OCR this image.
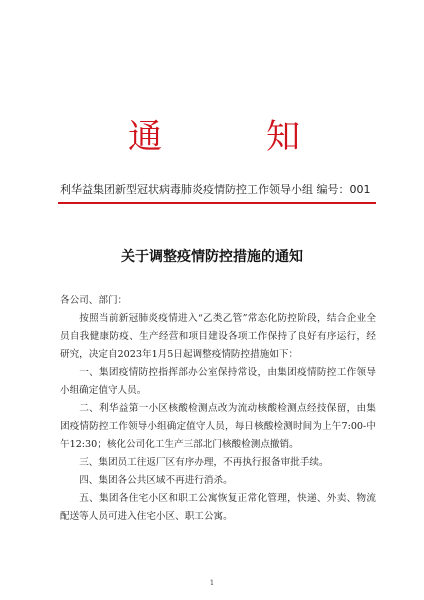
通	知
利华益集团新型冠状病毒肺炎疫情防控工作领导小组 编号：001
关于调整疫情防控措施的通知

各公司、部门：

按照当前新冠肺炎疫情进入“乙类乙管”常态化防控阶段，结合企业全员自我健康防疫、生产经营和项目建设各项工作保持了良好有序运行，经研究，决定自2023年1月5日起调整疫情防控措施如下：

一、集团疫情防控指挥部办公室保持常设，由集团疫情防控工作领导小组确定值守人员。

二、利华益第一小区核酸检测点改为流动核酸检测点经技保留，由集团疫情防控工作领导小组确定值守人员，每日核酸检测时间为上午7:00-中午12:30；核化公司化工生产三部北门核酸检测点撤销。

三、集团员工往返厂区有序办理，不再执行报备审批手续。

四、集团各公共区域不再进行消杀。

五、集团各住宅小区和职工公寓恢复正常化管理，快递、外卖、物流配送等人员可进入住宅小区、职工公寓。

1
